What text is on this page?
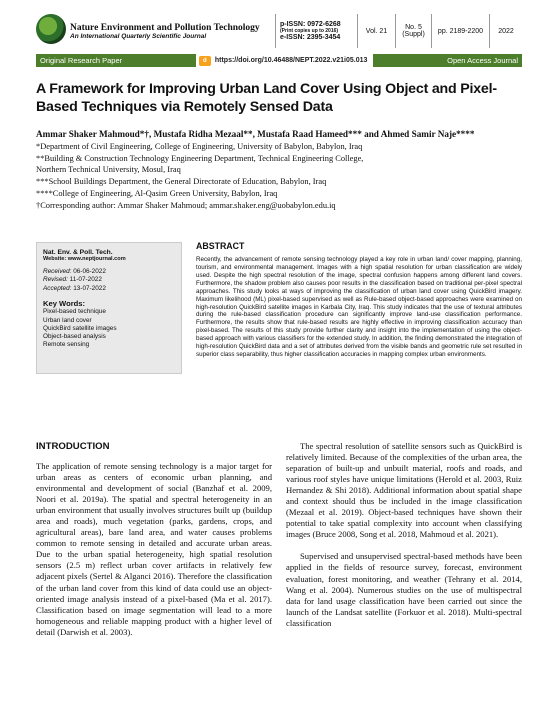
Nature Environment and Pollution Technology
An International Quarterly Scientific Journal
p-ISSN: 0972-6268
(Print copies up to 2016)
e-ISSN: 2395-3454
Vol. 21	No. 5 (Suppl)	pp. 2189-2200	2022
Original Research Paper	d	https://doi.org/10.46488/NEPT.2022.v21i05.013	Open Access Journal
A Framework for Improving Urban Land Cover Using Object and Pixel-Based Techniques via Remotely Sensed Data
Ammar Shaker Mahmoud*†, Mustafa Ridha Mezaal**, Mustafa Raad Hameed*** and Ahmed Samir Naje****
*Department of Civil Engineering, College of Engineering, University of Babylon, Babylon, Iraq
**Building & Construction Technology Engineering Department, Technical Engineering College,
Northern Technical University, Mosul, Iraq
***School Buildings Department, the General Directorate of Education, Babylon, Iraq
****College of Engineering, Al-Qasim Green University, Babylon, Iraq
†Corresponding author: Ammar Shaker Mahmoud; ammar.shaker.eng@uobabylon.edu.iq
Nat. Env. & Poll. Tech.
Website: www.neptjournal.com
Received: 06-06-2022
Revised: 11-07-2022
Accepted: 13-07-2022
Key Words:
Pixel-based technique
Urban land cover
QuickBird satellite images
Object-based analysis
Remote sensing
ABSTRACT
Recently, the advancement of remote sensing technology played a key role in urban land/ cover mapping, planning, tourism, and environmental management. Images with a high spatial resolution for urban classification are widely used. Despite the high spectral resolution of the image, spectral confusion happens among different land covers. Furthermore, the shadow problem also causes poor results in the classification based on traditional per-pixel spectral approaches. This study looks at ways of improving the classification of urban land cover using QuickBird imagery. Maximum likelihood (ML) pixel-based supervised as well as Rule-based object-based approaches were examined on high-resolution QuickBird satellite images in Karbala City, Iraq. This study indicates that the use of textural attributes during the rule-based classification procedure can significantly improve land-use classification performance. Furthermore, the results show that rule-based results are highly effective in improving classification accuracy than pixel-based. The results of this study provide further clarity and insight into the implementation of using the object-based approach with various classifiers for the extended study. In addition, the finding demonstrated the integration of high-resolution QuickBird data and a set of attributes derived from the visible bands and geometric rule set resulted in superior class separability, thus higher classification accuracies in mapping complex urban environments.
INTRODUCTION

The application of remote sensing technology is a major target for urban areas as centers of economic urban planning, and environmental and development of social (Banzhaf et al. 2009, Noori et al. 2019a). The spatial and spectral heterogeneity in an urban environment that usually involves structures built up (buildup area and roads), much vegetation (parks, gardens, crops, and agricultural areas), bare land area, and water causes problems common to remote sensing in detailed and accurate urban areas. Due to the urban spatial heterogeneity, high spatial resolution sensors (2.5 m) reflect urban cover artifacts in relatively few adjacent pixels (Sertel & Alganci 2016). Therefore the classification of the urban land cover from this kind of data could use an object-oriented image analysis instead of a pixel-based (Ma et al. 2017). Classification based on image segmentation will lead to a more homogeneous and reliable mapping product with a higher level of detail (Darwish et al. 2003).

The spectral resolution of satellite sensors such as QuickBird is relatively limited. Because of the complexities of the urban area, the separation of built-up and unbuilt material, roofs and roads, and various roof styles have unique limitations (Herold et al. 2003, Ruiz Hernandez & Shi 2018). Additional information about spatial shape and context should thus be included in the image classification (Mezaal et al. 2019). Object-based techniques have shown their potential to take spatial complexity into account when classifying images (Bruce 2008, Song et al. 2018, Mahmoud et al. 2021).

Supervised and unsupervised spectral-based methods have been applied in the fields of resource survey, forecast, environment evaluation, forest monitoring, and weather (Tehrany et al. 2014, Wang et al. 2004). Numerous studies on the use of multispectral data for land usage classification have been carried out since the launch of the Landsat satellite (Forkuor et al. 2018). Multi-spectral classification
